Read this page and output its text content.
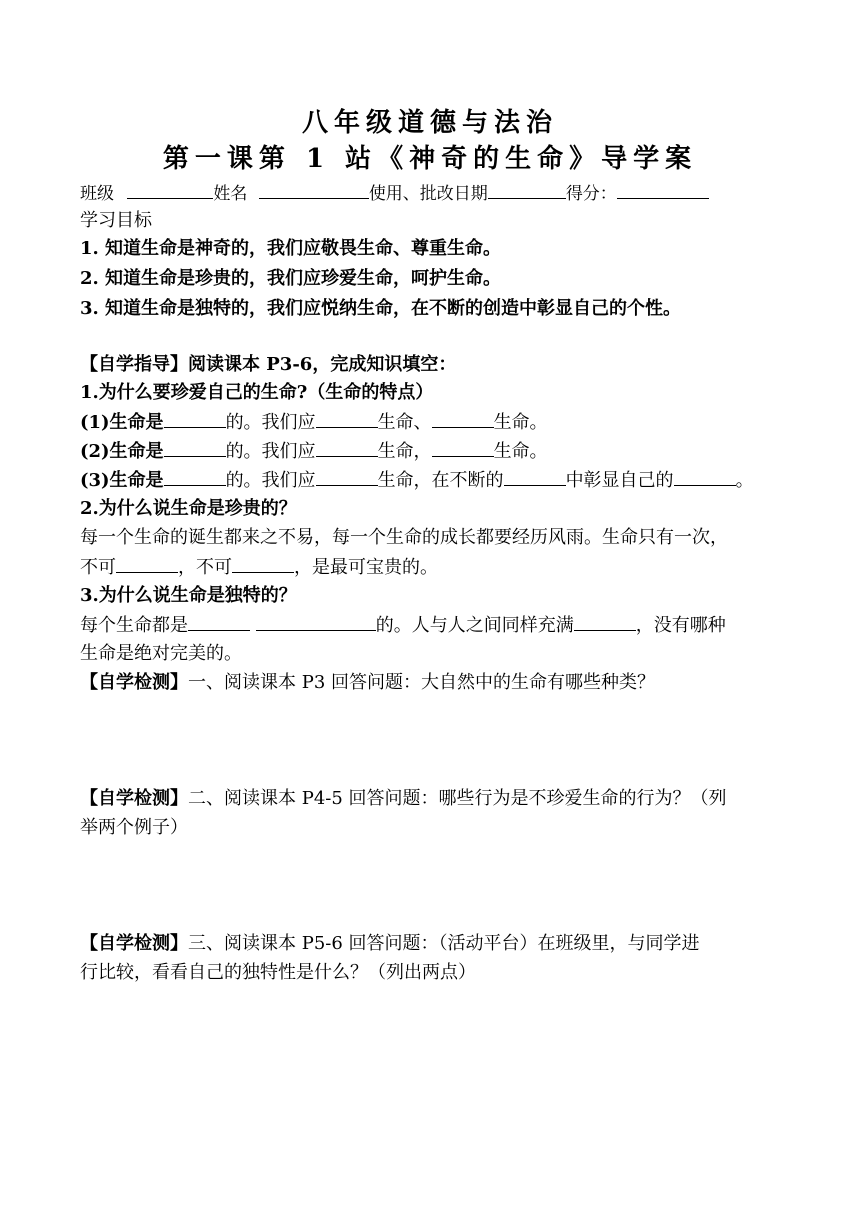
八年级道德与法治
第一课第 1 站《神奇的生命》导学案
班级	姓名	使用、批改日期	得分：
学习目标
1. 知道生命是神奇的，我们应敬畏生命、尊重生命。
2. 知道生命是珍贵的，我们应珍爱生命，呵护生命。
3. 知道生命是独特的，我们应悦纳生命，在不断的创造中彰显自己的个性。
【自学指导】阅读课本 P3-6，完成知识填空：
1.为什么要珍爱自己的生命?（生命的特点）
(1)生命是	的。我们应	生命、	生命。
(2)生命是	的。我们应	生命，	生命。
(3)生命是	的。我们应	生命，在不断的	中彰显自己的	。
2.为什么说生命是珍贵的？
每一个生命的诞生都来之不易，每一个生命的成长都要经历风雨。生命只有一次，
不可	，不可	，是最可宝贵的。
3.为什么说生命是独特的？
每个生命都是	的。人与人之间同样充满	，没有哪种
生命是绝对完美的。
【自学检测】一、阅读课本 P3 回答问题：大自然中的生命有哪些种类？
【自学检测】二、阅读课本 P4-5 回答问题：哪些行为是不珍爱生命的行为？（列
举两个例子）
【自学检测】三、阅读课本 P5-6 回答问题：（活动平台）在班级里，与同学进
行比较，看看自己的独特性是什么？（列出两点）
